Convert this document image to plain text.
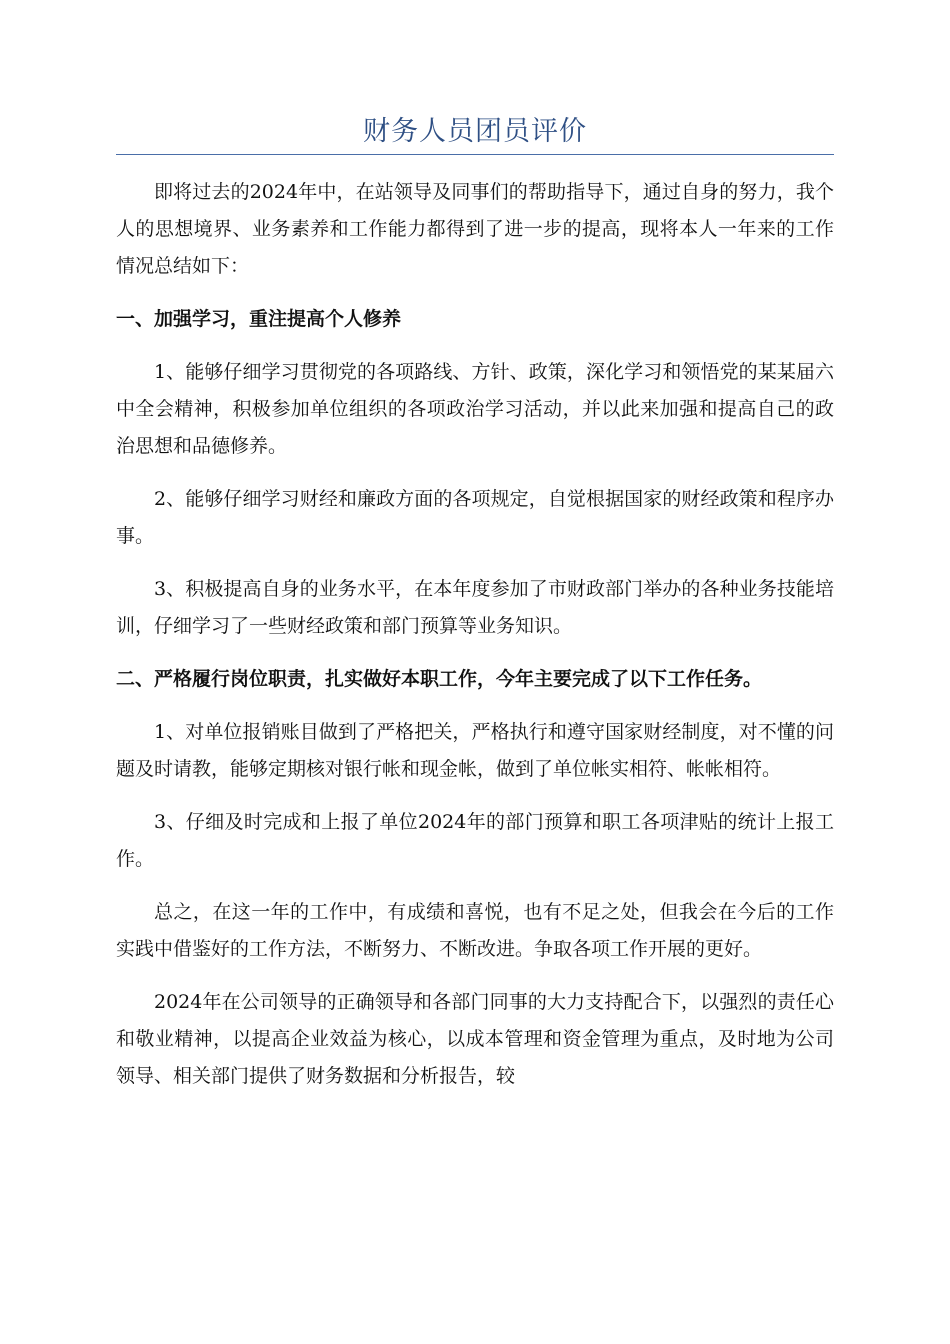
财务人员团员评价

即将过去的2024年中，在站领导及同事们的帮助指导下，通过自身的努力，我个人的思想境界、业务素养和工作能力都得到了进一步的提高，现将本人一年来的工作情况总结如下：

一、加强学习，重注提高个人修养

1、能够仔细学习贯彻党的各项路线、方针、政策，深化学习和领悟党的某某届六中全会精神，积极参加单位组织的各项政治学习活动，并以此来加强和提高自己的政治思想和品德修养。

2、能够仔细学习财经和廉政方面的各项规定，自觉根据国家的财经政策和程序办事。

3、积极提高自身的业务水平，在本年度参加了市财政部门举办的各种业务技能培训，仔细学习了一些财经政策和部门预算等业务知识。

二、严格履行岗位职责，扎实做好本职工作，今年主要完成了以下工作任务。

1、对单位报销账目做到了严格把关，严格执行和遵守国家财经制度，对不懂的问题及时请教，能够定期核对银行帐和现金帐，做到了单位帐实相符、帐帐相符。

3、仔细及时完成和上报了单位2024年的部门预算和职工各项津贴的统计上报工作。

总之，在这一年的工作中，有成绩和喜悦，也有不足之处，但我会在今后的工作实践中借鉴好的工作方法，不断努力、不断改进。争取各项工作开展的更好。

2024年在公司领导的正确领导和各部门同事的大力支持配合下，以强烈的责任心和敬业精神，以提高企业效益为核心，以成本管理和资金管理为重点，及时地为公司领导、相关部门提供了财务数据和分析报告，较
